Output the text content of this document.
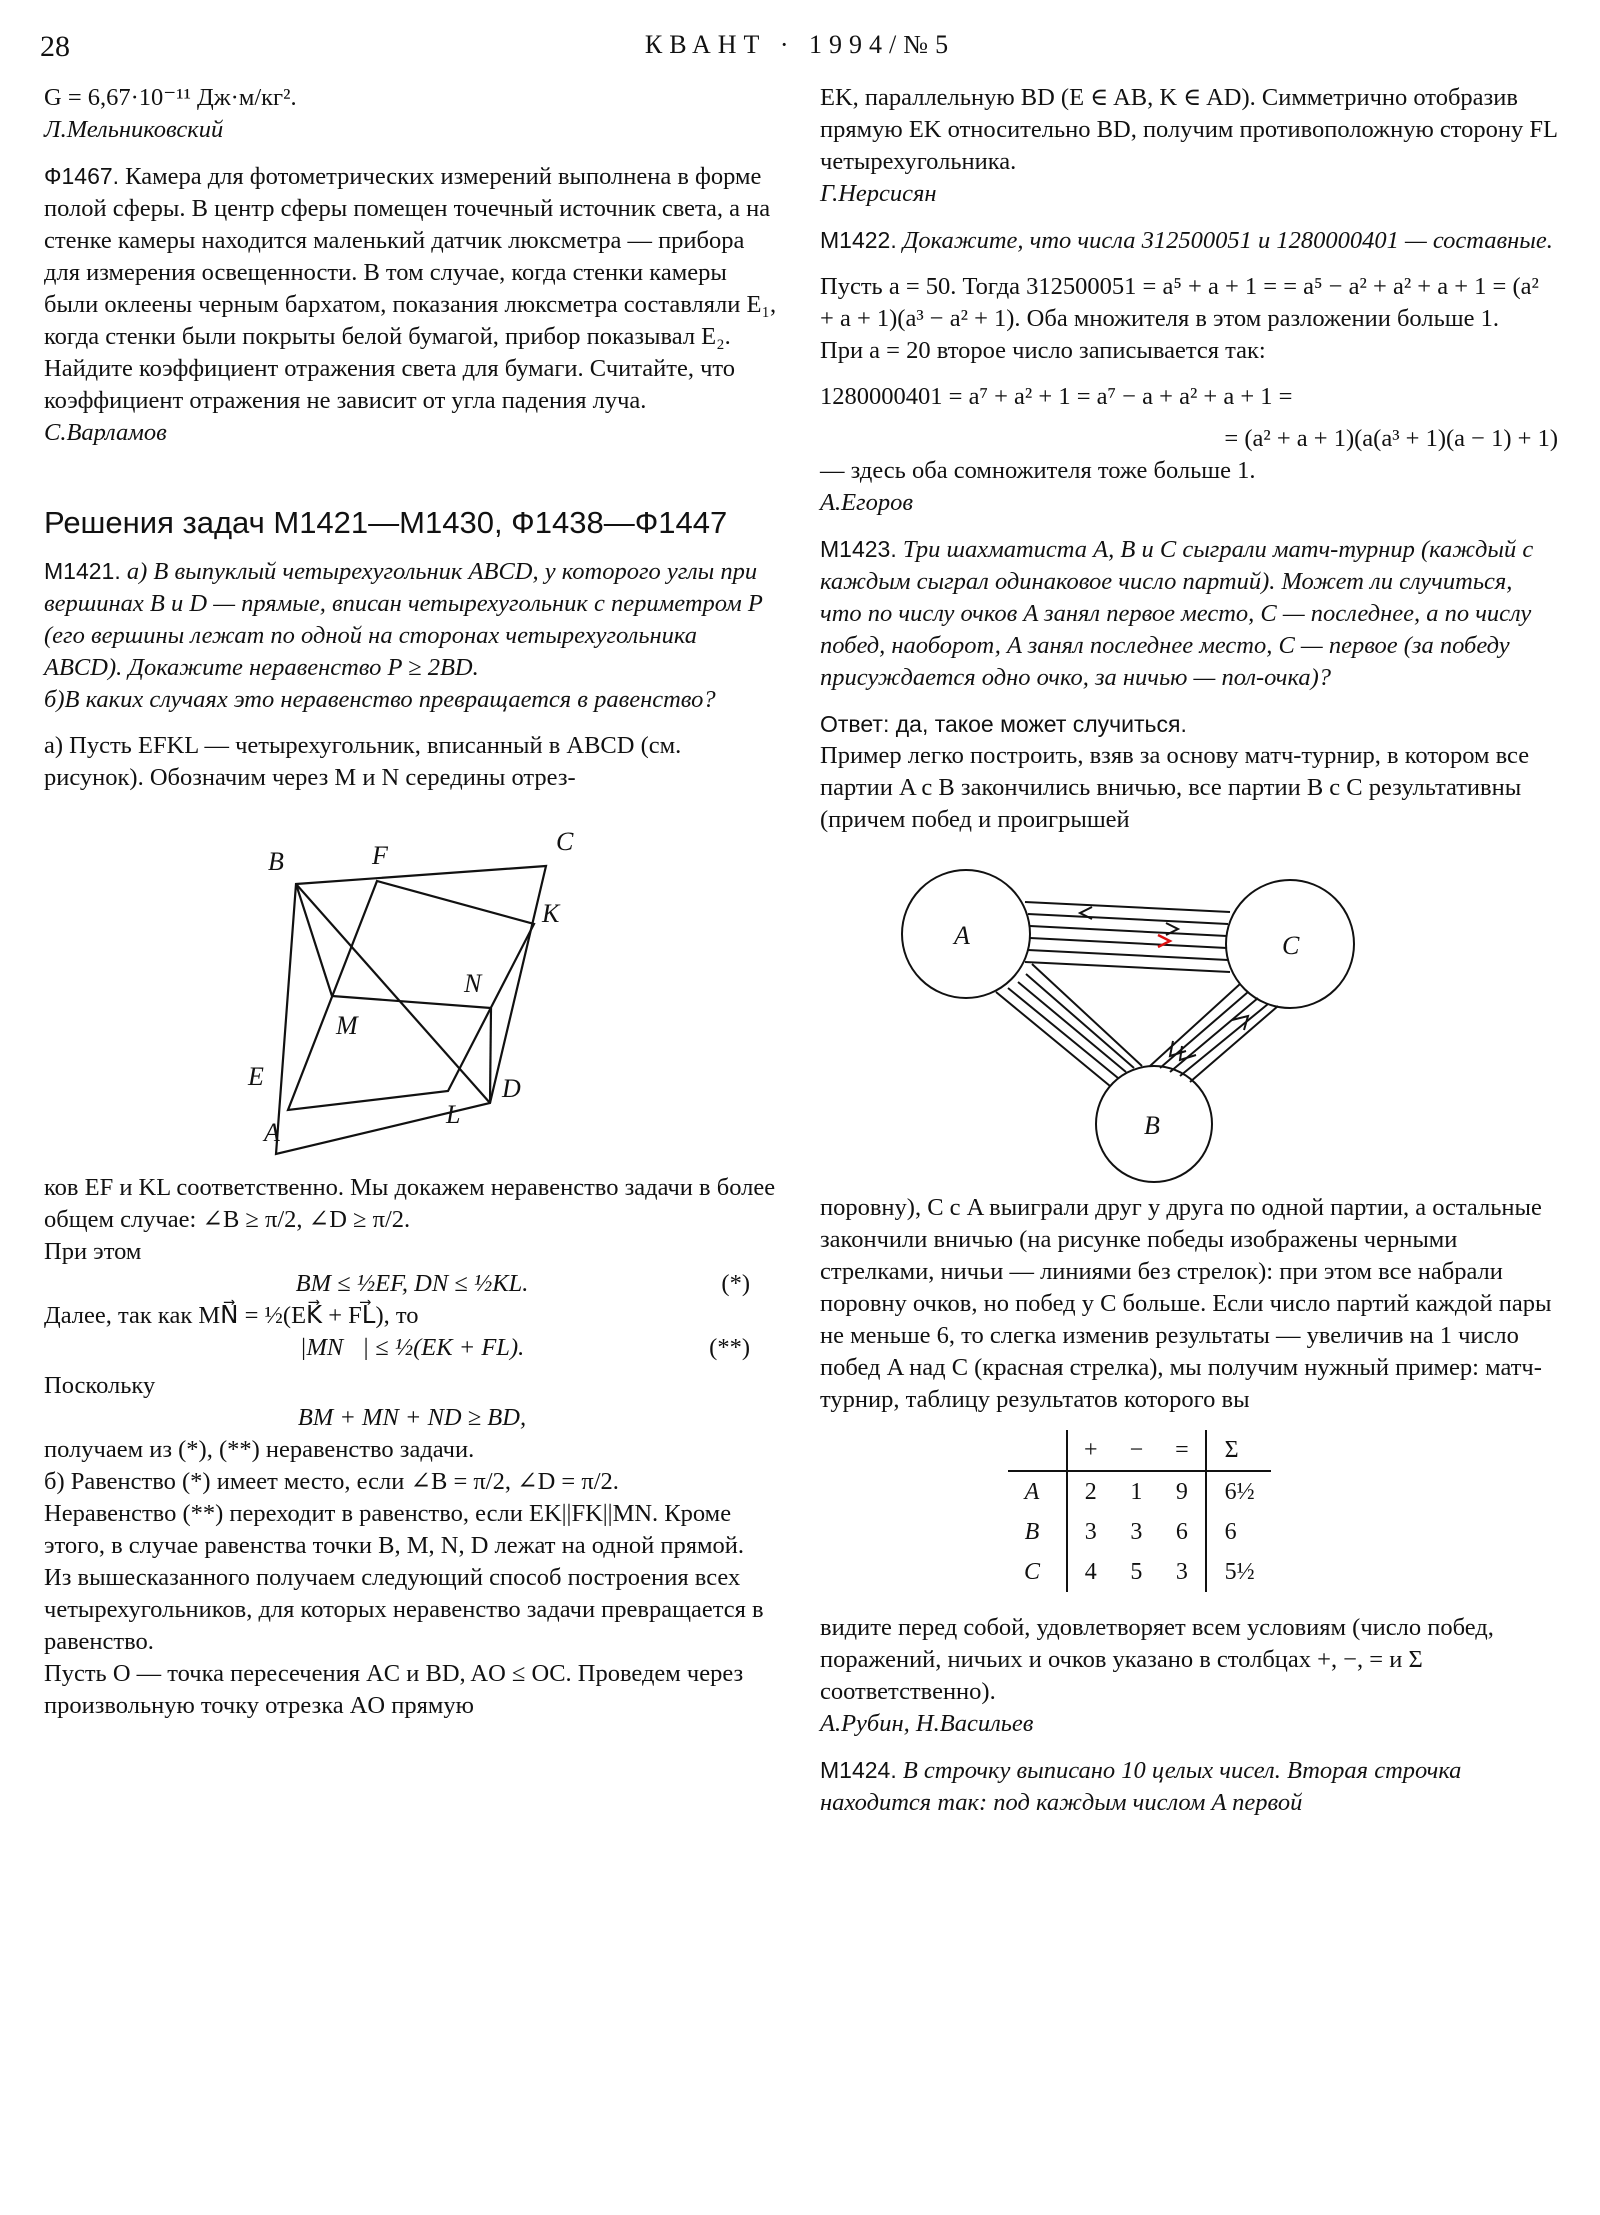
28	КВАНТ · 1994/№5

G = 6,67·10⁻¹¹ Дж·м/кг².

Л.Мельниковский

Ф1467. Камера для фотометрических измерений выполнена в форме полой сферы. В центр сферы помещен точечный источник света, а на стенке камеры находится маленький датчик люксметра — прибора для измерения освещенности. В том случае, когда стенки камеры были оклеены черным бархатом, показания люксметра составляли E₁, когда стенки были покрыты белой бумагой, прибор показывал E₂. Найдите коэффициент отражения света для бумаги. Считайте, что коэффициент отражения не зависит от угла падения луча.

С.Варламов

Решения задач М1421—М1430, Ф1438—Ф1447

М1421. а) В выпуклый четырехугольник ABCD, у которого углы при вершинах B и D — прямые, вписан четырехугольник с периметром P (его вершины лежат по одной на сторонах четырехугольника ABCD). Докажите неравенство P ≥ 2BD.

б)В каких случаях это неравенство превращается в равенство?

а) Пусть EFKL — четырехугольник, вписанный в ABCD (см. рисунок). Обозначим через M и N середины отрез-

A
B
C
D
E
F
K
L
M
N

ков EF и KL соответственно. Мы докажем неравенство задачи в более общем случае: ∠B ≥ π/2, ∠D ≥ π/2.

При этом

BM ≤ ½EF, DN ≤ ½KL.	(*)

Далее, так как MN⃗ = ½(EK⃗ + FL⃗), то

|MN⃗| ≤ ½(EK + FL).	(**)

Поскольку

BM + MN + ND ≥ BD,

получаем из (*), (**) неравенство задачи.

б) Равенство (*) имеет место, если ∠B = π/2, ∠D = π/2.

Неравенство (**) переходит в равенство, если EK||FK||MN. Кроме этого, в случае равенства точки B, M, N, D лежат на одной прямой.

Из вышесказанного получаем следующий способ построения всех четырехугольников, для которых неравенство задачи превращается в равенство.

Пусть O — точка пересечения AC и BD, AO ≤ OC. Проведем через произвольную точку отрезка AO прямую

EK, параллельную BD (E ∈ AB, K ∈ AD). Симметрично отобразив прямую EK относительно BD, получим противоположную сторону FL четырехугольника.

Г.Нерсисян

М1422. Докажите, что числа 312500051 и 1280000401 — составные.

Пусть a = 50. Тогда 312500051 = a⁵ + a + 1 = = a⁵ − a² + a² + a + 1 = (a² + a + 1)(a³ − a² + 1). Оба множителя в этом разложении больше 1.

При a = 20 второе число записывается так:

1280000401 = a⁷ + a² + 1 = a⁷ − a + a² + a + 1 =

= (a² + a + 1)(a(a³ + 1)(a − 1) + 1)

— здесь оба сомножителя тоже больше 1.

А.Егоров

М1423. Три шахматиста A, B и C сыграли матч-турнир (каждый с каждым сыграл одинаковое число партий). Может ли случиться, что по числу очков A занял первое место, C — последнее, а по числу побед, наоборот, A занял последнее место, C — первое (за победу присуждается одно очко, за ничью — пол-очка)?

Ответ: да, такое может случиться.

Пример легко построить, взяв за основу матч-турнир, в котором все партии A с B закончились вничью, все партии B с C результативны (причем побед и проигрышей

A	C
B

поровну), C с A выиграли друг у друга по одной партии, а остальные закончили вничью (на рисунке победы изображены черными стрелками, ничьи — линиями без стрелок): при этом все набрали поровну очков, но побед у C больше. Если число партий каждой пары не меньше 6, то слегка изменив результаты — увеличив на 1 число побед A над C (красная стрелка), мы получим нужный пример: матч-турнир, таблицу результатов которого вы

	+	−	=	Σ
A	2	1	9	6½
B	3	3	6	6
C	4	5	3	5½

видите перед собой, удовлетворяет всем условиям (число побед, поражений, ничьих и очков указано в столбцах +, −, = и Σ соответственно).

А.Рубин, Н.Васильев

М1424. В строчку выписано 10 целых чисел. Вторая строчка находится так: под каждым числом A первой
